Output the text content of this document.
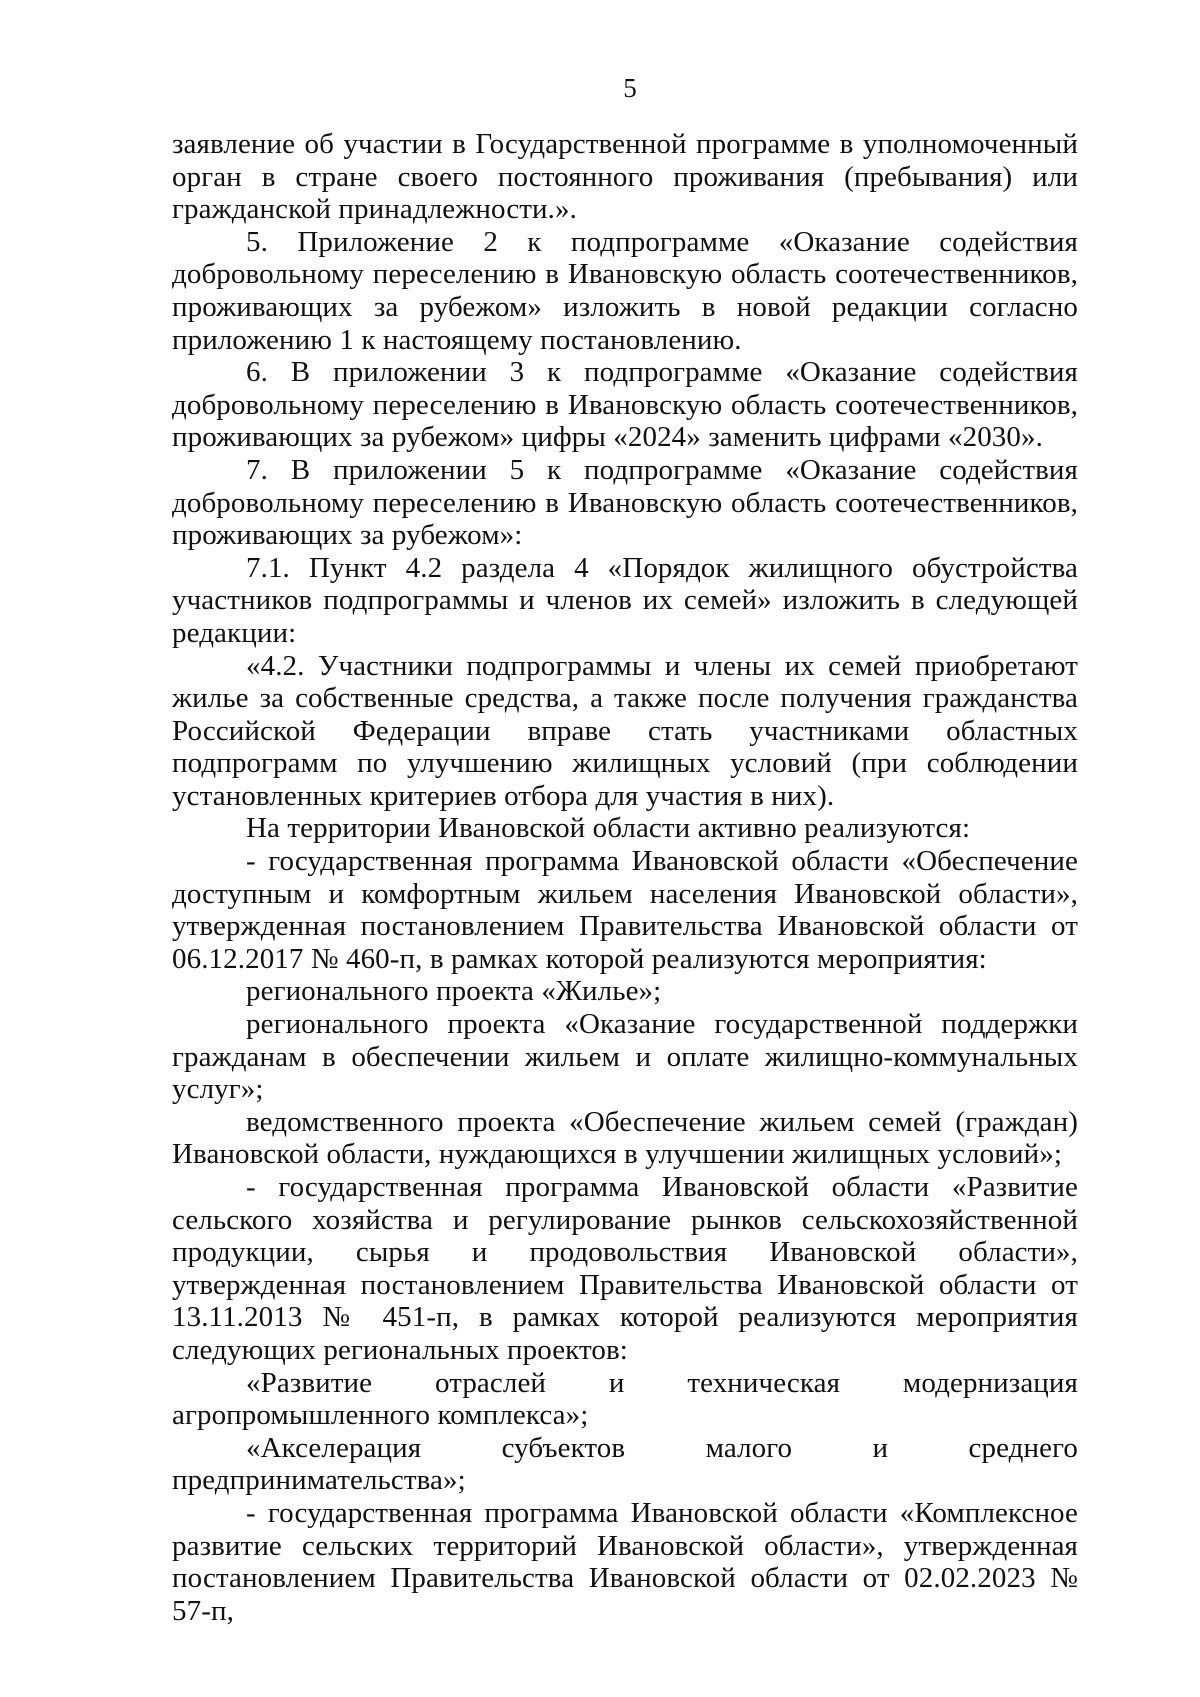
5

заявление об участии в Государственной программе в уполномоченный орган в стране своего постоянного проживания (пребывания) или гражданской принадлежности.».

5. Приложение 2 к подпрограмме «Оказание содействия добровольному переселению в Ивановскую область соотечественников, проживающих за рубежом» изложить в новой редакции согласно приложению 1 к настоящему постановлению.

6. В приложении 3 к подпрограмме «Оказание содействия добровольному переселению в Ивановскую область соотечественников, проживающих за рубежом» цифры «2024» заменить цифрами «2030».

7. В приложении 5 к подпрограмме «Оказание содействия добровольному переселению в Ивановскую область соотечественников, проживающих за рубежом»:

7.1. Пункт 4.2 раздела 4 «Порядок жилищного обустройства участников подпрограммы и членов их семей» изложить в следующей редакции:

«4.2. Участники подпрограммы и члены их семей приобретают жилье за собственные средства, а также после получения гражданства Российской Федерации вправе стать участниками областных подпрограмм по улучшению жилищных условий (при соблюдении установленных критериев отбора для участия в них).

На территории Ивановской области активно реализуются:

- государственная программа Ивановской области «Обеспечение доступным и комфортным жильем населения Ивановской области», утвержденная постановлением Правительства Ивановской области от 06.12.2017 № 460-п, в рамках которой реализуются мероприятия:

регионального проекта «Жилье»;

регионального проекта «Оказание государственной поддержки гражданам в обеспечении жильем и оплате жилищно-коммунальных услуг»;

ведомственного проекта «Обеспечение жильем семей (граждан) Ивановской области, нуждающихся в улучшении жилищных условий»;

- государственная программа Ивановской области «Развитие сельского хозяйства и регулирование рынков сельскохозяйственной продукции, сырья и продовольствия Ивановской области», утвержденная постановлением Правительства Ивановской области от 13.11.2013 № 451-п, в рамках которой реализуются мероприятия следующих региональных проектов:

«Развитие отраслей и техническая модернизация агропромышленного комплекса»;

«Акселерация субъектов малого и среднего предпринимательства»;

- государственная программа Ивановской области «Комплексное развитие сельских территорий Ивановской области», утвержденная постановлением Правительства Ивановской области от 02.02.2023 № 57-п,
